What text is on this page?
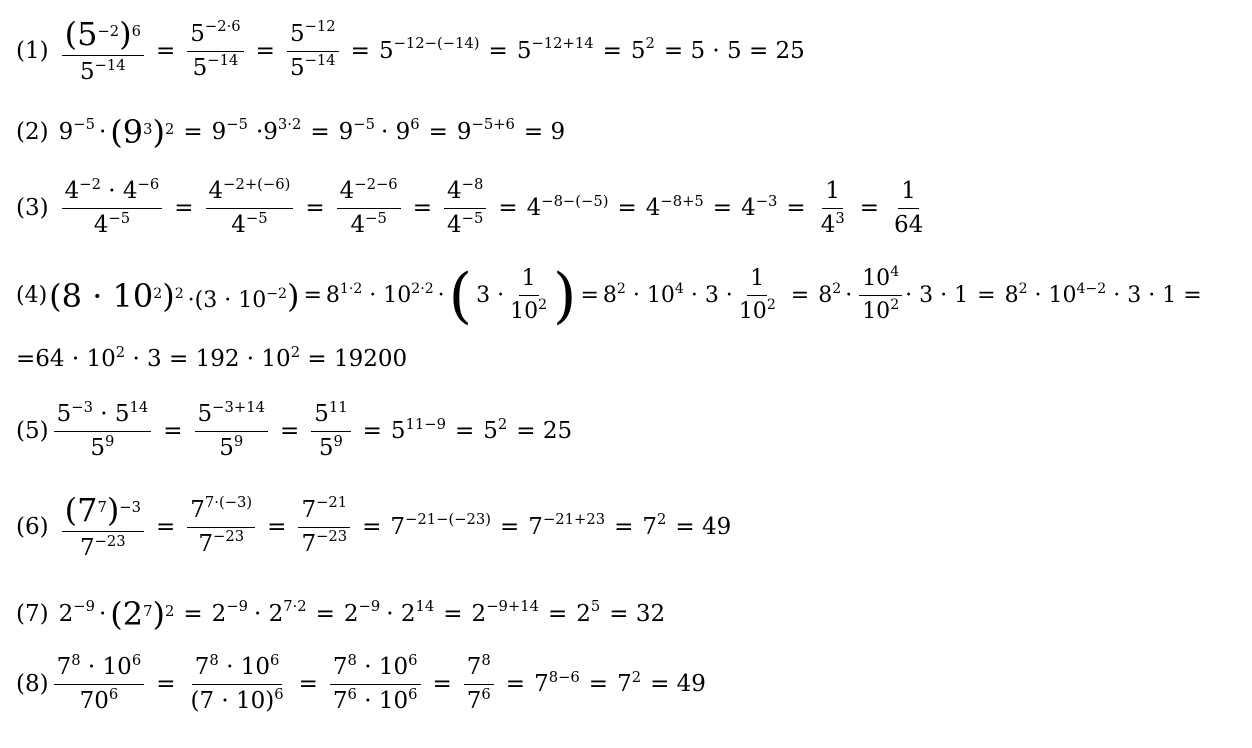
$(1) \frac{(5^{-2})^6}{5^{-14}} = \frac{5^{-2\cdot 6}}{5^{-14}} = \frac{5^{-12}}{5^{-14}} = 5^{-12-(-14)} = 5^{-12+14} = 5^2 = 5 \cdot 5 = 25$
(2) $9^{-5} \cdot (9^3)^2 = 9^{-5} \cdot 9^{3\cdot 2} = 9^{-5} \cdot 9^6 = 9^{-5+6} = 9$
$(3) \frac{4^{-2} \cdot 4^{-6}}{4^{-5}} = \frac{4^{-2+(-6)}}{4^{-5}} = \frac{4^{-2-6}}{4^{-5}} = \frac{4^{-8}}{4^{-5}} = 4^{-8-(-5)} = 4^{-8+5} = 4^{-3} = \frac{1}{4^3} = \frac{1}{64}$
(4) $(8 \cdot 10^2)^2 \cdot(3 \cdot 10^{-2}) = 8^{1\cdot 2} \cdot 10^{2\cdot 2}$ · ( $3 \cdot \frac{1}{10^2}$ ) = $8^2 \cdot 10^4 \cdot 3 \cdot \frac{1}{10^2} = 8^2 \cdot \frac{10^4}{10^2} \cdot 3 \cdot 1 = 8^2 \cdot 10^{4-2} \cdot 3 \cdot 1$ =
$=64 \cdot 10^2 \cdot 3 = 192 \cdot 10^2 = 19200$
$(5) \frac{5^{-3} \cdot 5^{14}}{5^9} = \frac{5^{-3+14}}{5^9} = \frac{5^{11}}{5^9} = 5^{11-9} = 5^2 = 25$
$(6) \frac{(7^7)^{-3}}{7^{-23}} = \frac{7^{7\cdot(-3)}}{7^{-23}} = \frac{7^{-21}}{7^{-23}} = 7^{-21-(-23)} = 7^{-21+23} = 7^2 = 49$
(7) $2^{-9} \cdot (2^7)^2 = 2^{-9} \cdot 2^{7\cdot 2} = 2^{-9} \cdot 2^{14} = 2^{-9+14} = 2^5 = 32$
$(8) \frac{7^8 \cdot 10^6}{70^6} = \frac{7^8 \cdot 10^6}{(7 \cdot 10)^6} = \frac{7^8 \cdot 10^6}{7^6 \cdot 10^6} = \frac{7^8}{7^6} = 7^{8-6} = 7^2 = 49$
